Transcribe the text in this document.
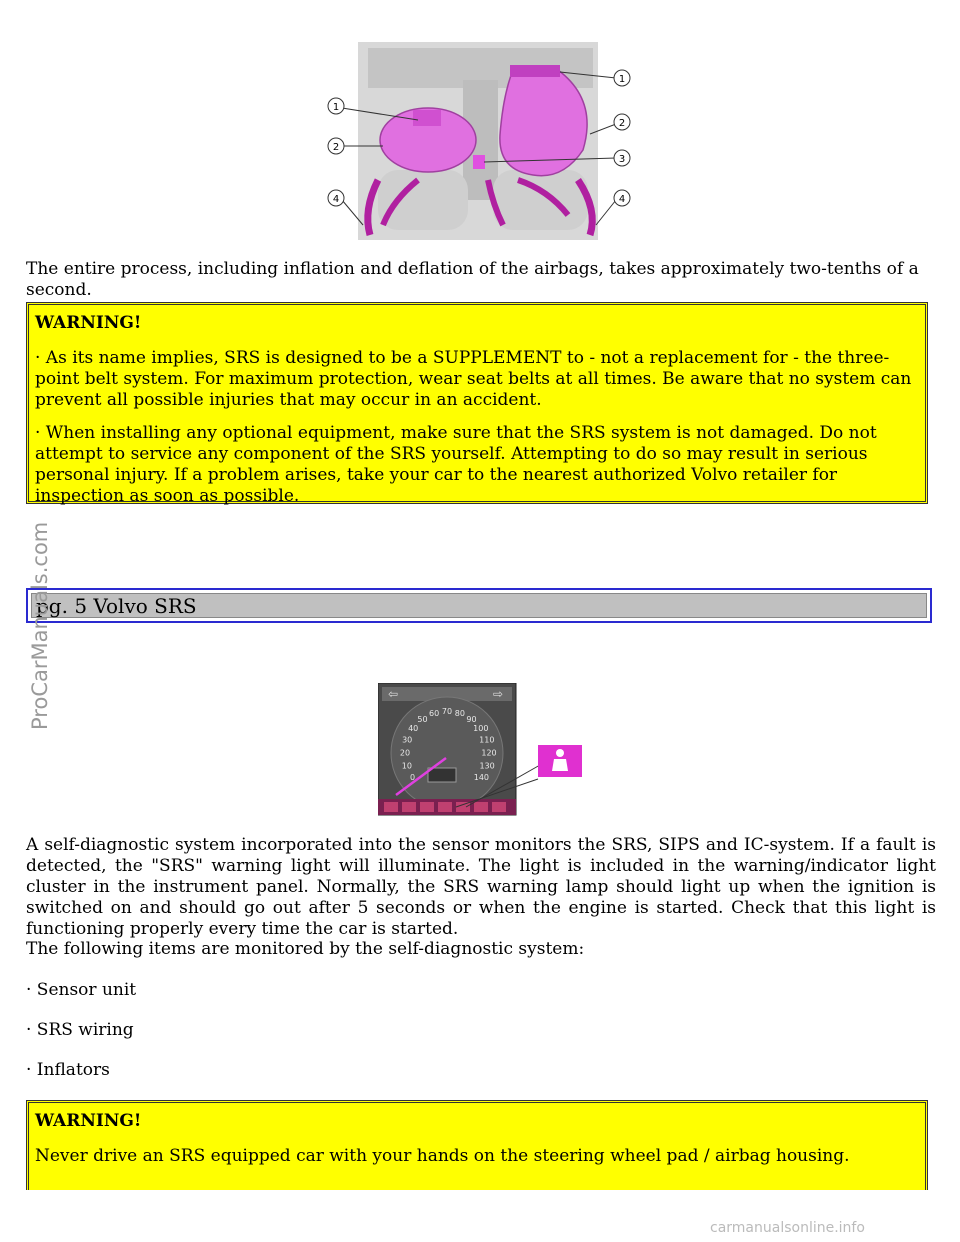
1
2
4
1
2
3
4

The entire process, including inflation and deflation of the airbags, takes approximately two-tenths of a second.

WARNING!

· As its name implies, SRS is designed to be a SUPPLEMENT to - not a replacement for - the three-point belt system. For maximum protection, wear seat belts at all times. Be aware that no system can prevent all possible injuries that may occur in an accident.

· When installing any optional equipment, make sure that the SRS system is not damaged. Do not attempt to service any component of the SRS yourself. Attempting to do so may result in serious personal injury. If a problem arises, take your car to the nearest authorized Volvo retailer for inspection as soon as possible.

pg. 5 Volvo SRS
⇦	⇨
0
10
20
30
40
50
60 70 80
90
100
110
120
130
140

A self-diagnostic system incorporated into the sensor monitors the SRS, SIPS and IC-system. If a fault is detected, the "SRS" warning light will illuminate. The light is included in the warning/indicator light cluster in the instrument panel. Normally, the SRS warning lamp should light up when the ignition is switched on and should go out after 5 seconds or when the engine is started. Check that this light is functioning properly every time the car is started.

The following items are monitored by the self-diagnostic system:

· Sensor unit

· SRS wiring

· Inflators

WARNING!

Never drive an SRS equipped car with your hands on the steering wheel pad / airbag housing.

ProCarManuals.com
carmanualsonline.info
